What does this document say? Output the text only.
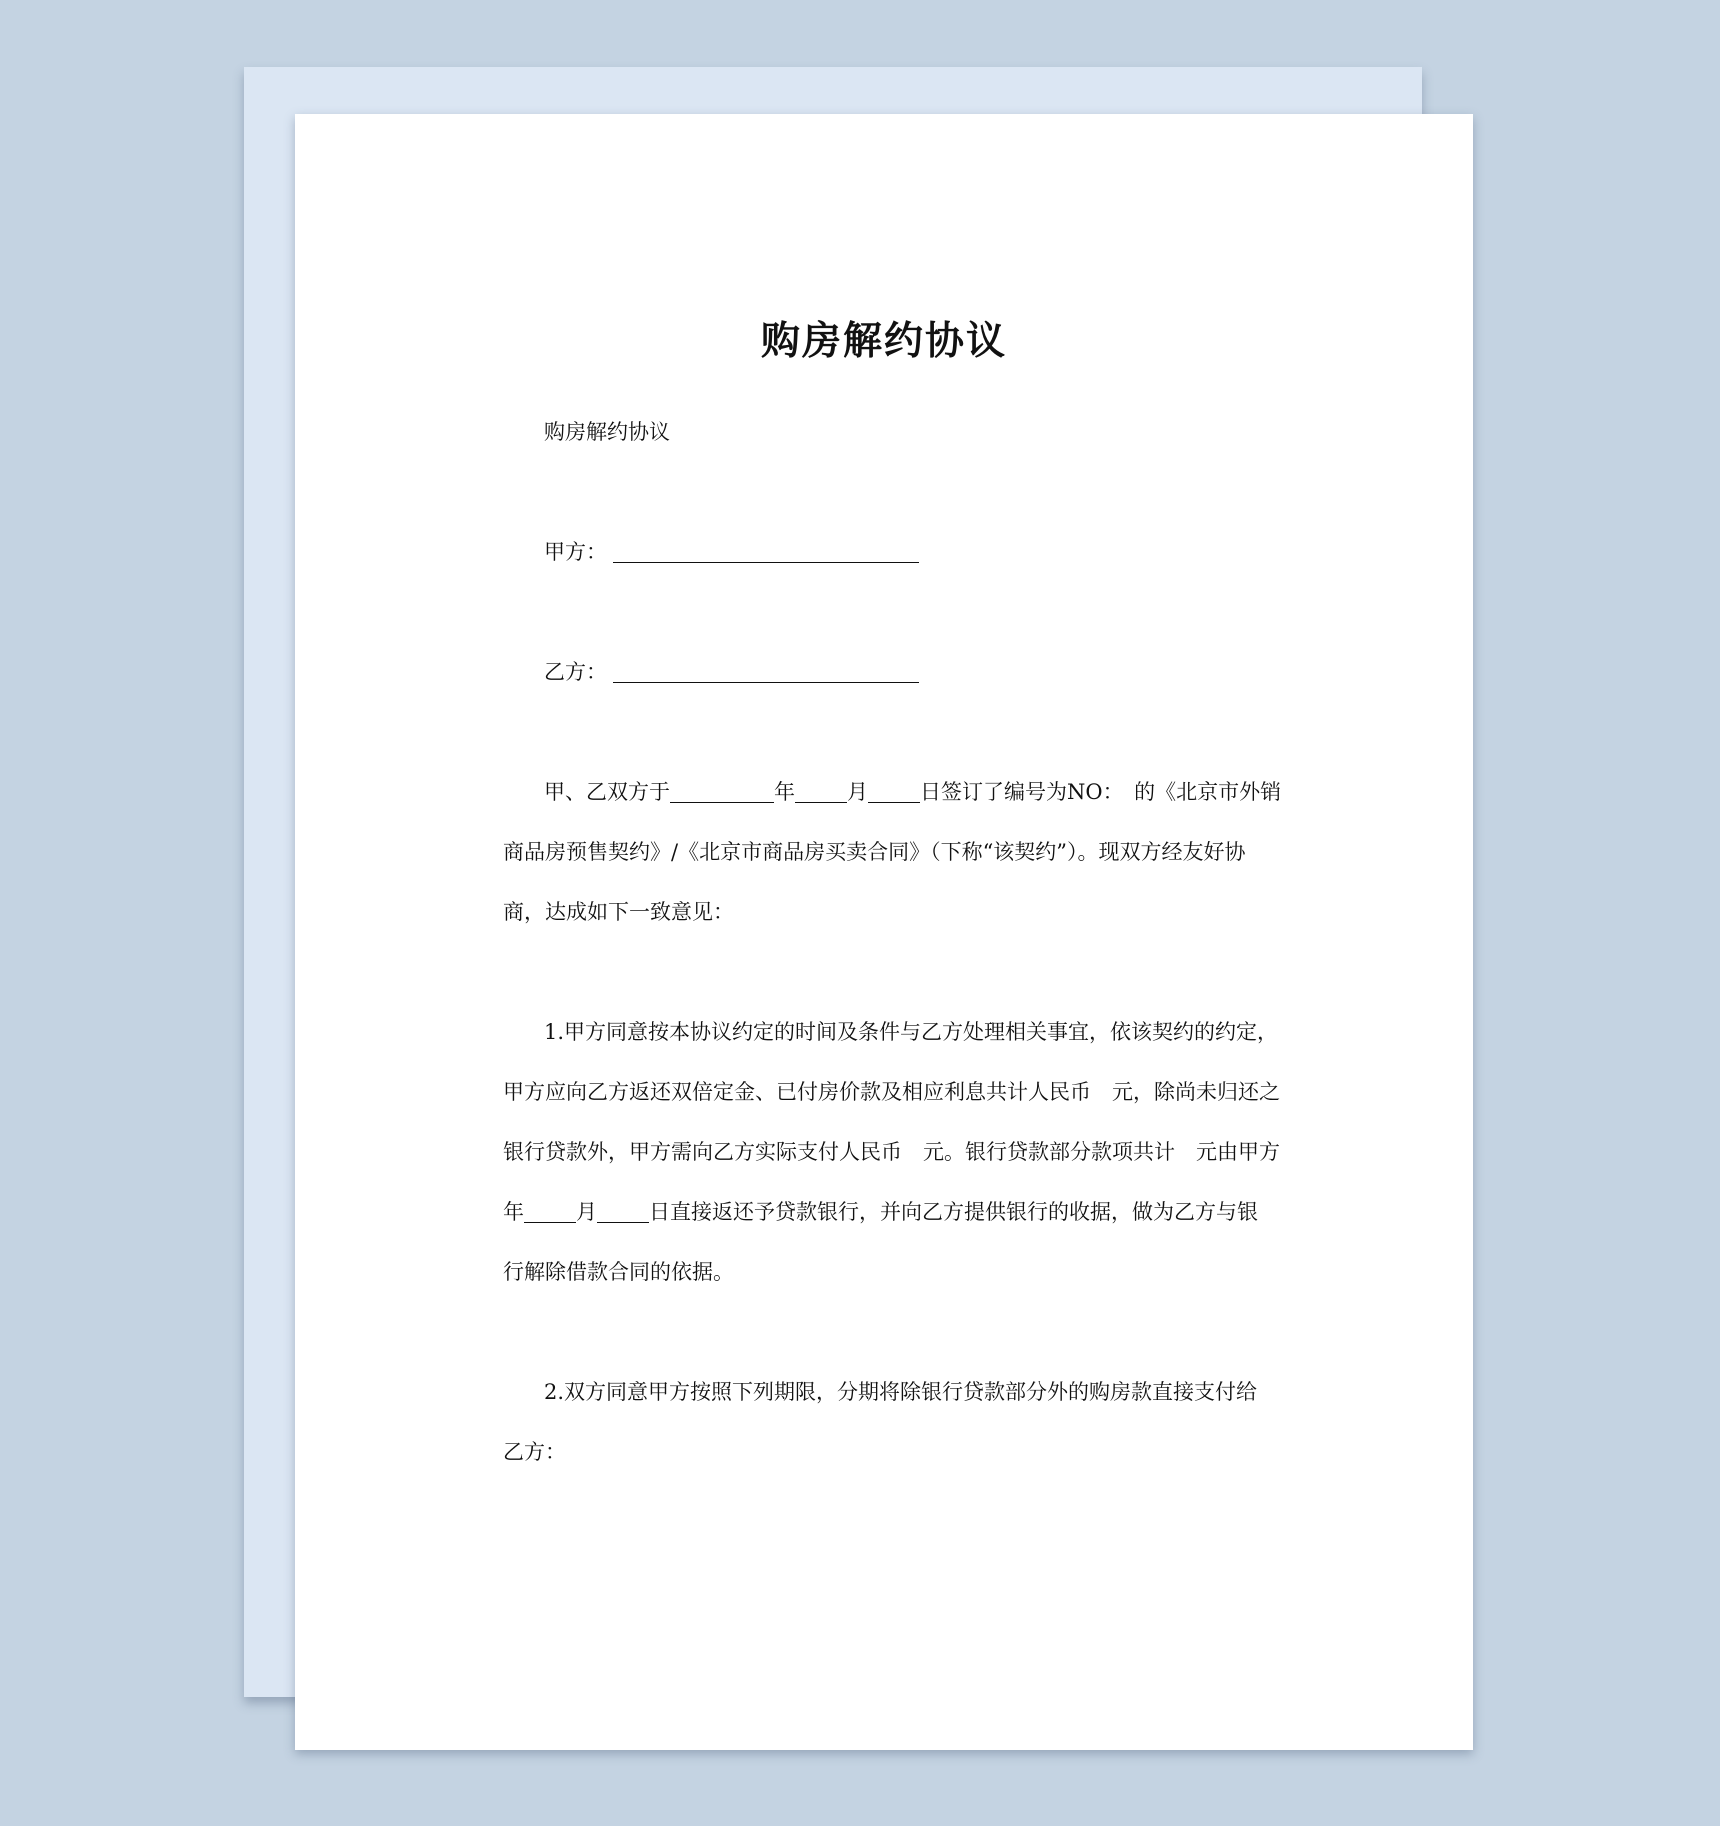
购房解约协议
购房解约协议
甲方：
乙方：
甲、乙双方于	年 月 日签订了编号为NO：　的《北京市外销
商品房预售契约》/《北京市商品房买卖合同》（下称“该契约”）。现双方经友好协
商，达成如下一致意见：
1.甲方同意按本协议约定的时间及条件与乙方处理相关事宜，依该契约的约定，
甲方应向乙方返还双倍定金、已付房价款及相应利息共计人民币　元，除尚未归还之
银行贷款外，甲方需向乙方实际支付人民币　元。银行贷款部分款项共计　元由甲方
年 月 日直接返还予贷款银行，并向乙方提供银行的收据，做为乙方与银
行解除借款合同的依据。
2.双方同意甲方按照下列期限，分期将除银行贷款部分外的购房款直接支付给
乙方：
